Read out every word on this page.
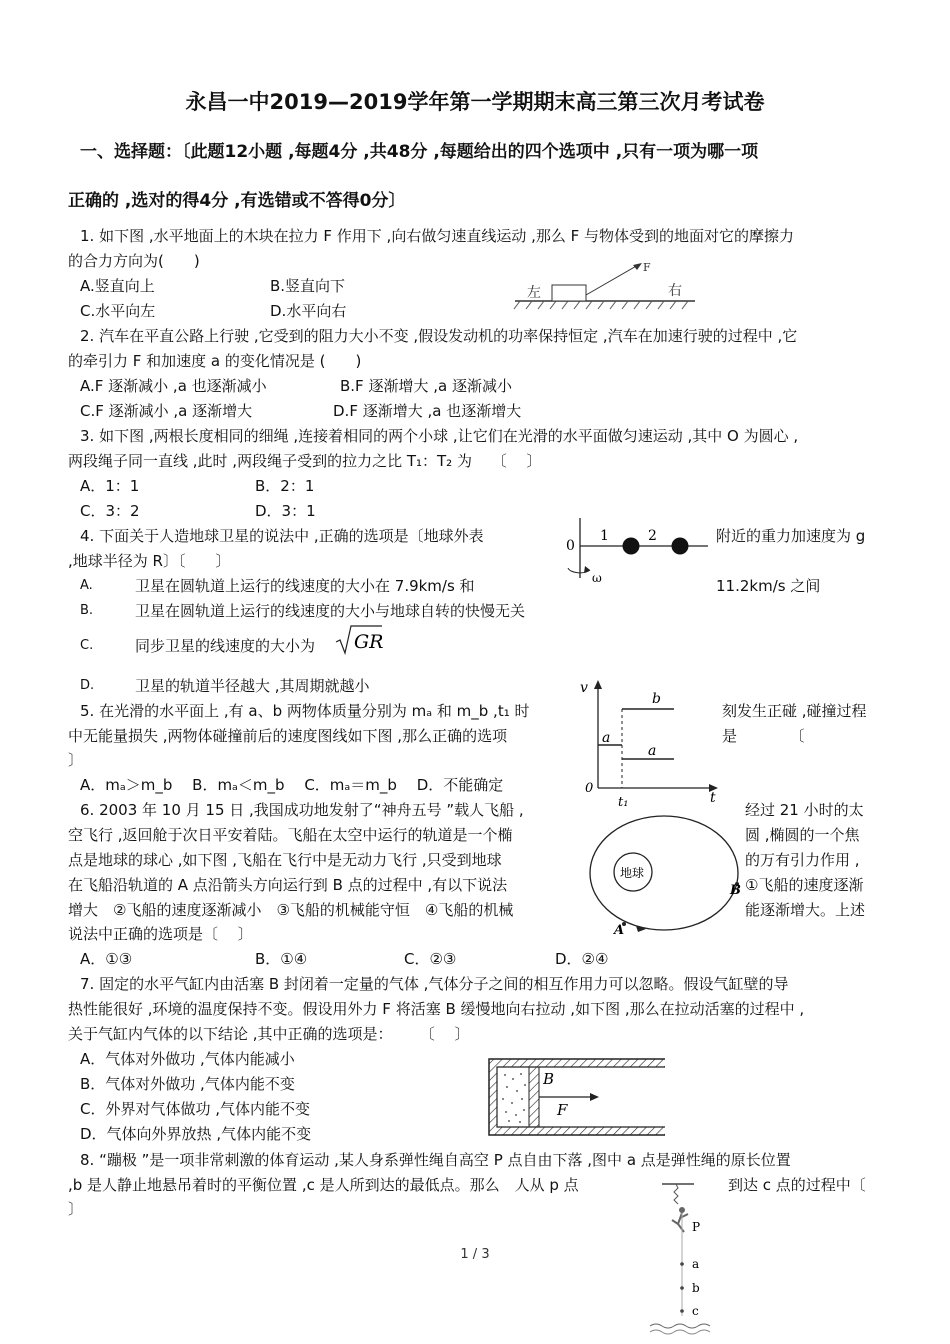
永昌一中2019—2019学年第一学期期末高三第三次月考试卷
一、选择题：〔此题12小题 ,每题4分 ,共48分 ,每题给出的四个选项中 ,只有一项为哪一项
正确的 ,选对的得4分 ,有选错或不答得0分〕
1. 如下图 ,水平地面上的木块在拉力 F 作用下 ,向右做匀速直线运动 ,那么 F 与物体受到的地面对它的摩擦力
的合力方向为(　　)
A.竖直向上	B.竖直向下
C.水平向左	D.水平向右
左	右
F
2. 汽车在平直公路上行驶 ,它受到的阻力大小不变 ,假设发动机的功率保持恒定 ,汽车在加速行驶的过程中 ,它
的牵引力 F 和加速度 a 的变化情况是 (　　)
A.F 逐渐减小 ,a 也逐渐减小	B.F 逐渐增大 ,a 逐渐减小
C.F 逐渐减小 ,a 逐渐增大	D.F 逐渐增大 ,a 也逐渐增大
3. 如下图 ,两根长度相同的细绳 ,连接着相同的两个小球 ,让它们在光滑的水平面做匀速运动 ,其中 O 为圆心 ,
两段绳子同一直线 ,此时 ,两段绳子受到的拉力之比 T₁：T₂ 为　 〔　 〕
A．1：1	B．2：1
C．3：2	D．3：1
0
1	2
ω
4. 下面关于人造地球卫星的说法中 ,正确的选项是〔地球外表	附近的重力加速度为 g
,地球半径为 R〕〔　　〕
A.	卫星在圆轨道上运行的线速度的大小在 7.9km/s 和	11.2km/s 之间
B.	卫星在圆轨道上运行的线速度的大小与地球自转的快慢无关
C.	同步卫星的线速度的大小为 GR
D.	卫星的轨道半径越大 ,其周期就越小
5. 在光滑的水平面上 ,有 a、b 两物体质量分别为 mₐ 和 m_b ,t₁ 时	刻发生正碰 ,碰撞过程
中无能量损失 ,两物体碰撞前后的速度图线如下图 ,那么正确的选项	是　　　　〔
〕
A．mₐ＞m_b　 B．mₐ＜m_b　 C．mₐ＝m_b　 D．不能确定
v
t
0
b
a
a
t₁
6. 2003 年 10 月 15 日 ,我国成功地发射了“神舟五号 ”载人飞船 ,	经过 21 小时的太
空飞行 ,返回舱于次日平安着陆。飞船在太空中运行的轨道是一个椭	圆 ,椭圆的一个焦
点是地球的球心 ,如下图 ,飞船在飞行中是无动力飞行 ,只受到地球	的万有引力作用 ,
在飞船沿轨道的 A 点沿箭头方向运行到 B 点的过程中 ,有以下说法	①飞船的速度逐渐
增大　②飞船的速度逐渐减小　③飞船的机械能守恒　④飞船的机械	能逐渐增大。上述
说法中正确的选项是〔　 〕
A．①③	B．①④	C．②③	D．②④
地球
A
B
7. 固定的水平气缸内由活塞 B 封闭着一定量的气体 ,气体分子之间的相互作用力可以忽略。假设气缸壁的导
热性能很好 ,环境的温度保持不变。假设用外力 F 将活塞 B 缓慢地向右拉动 ,如下图 ,那么在拉动活塞的过程中 ,
关于气缸内气体的以下结论 ,其中正确的选项是：　　 〔　 〕
A．气体对外做功 ,气体内能减小
B．气体对外做功 ,气体内能不变
C．外界对气体做功 ,气体内能不变
D．气体向外界放热 ,气体内能不变
B
F
8. “蹦极 ”是一项非常刺激的体育运动 ,某人身系弹性绳自高空 P 点自由下落 ,图中 a 点是弹性绳的原长位置
,b 是人静止地悬吊着时的平衡位置 ,c 是人所到达的最低点。那么　人从 p 点	到达 c 点的过程中〔
〕
P
a
b
c
1 / 3
